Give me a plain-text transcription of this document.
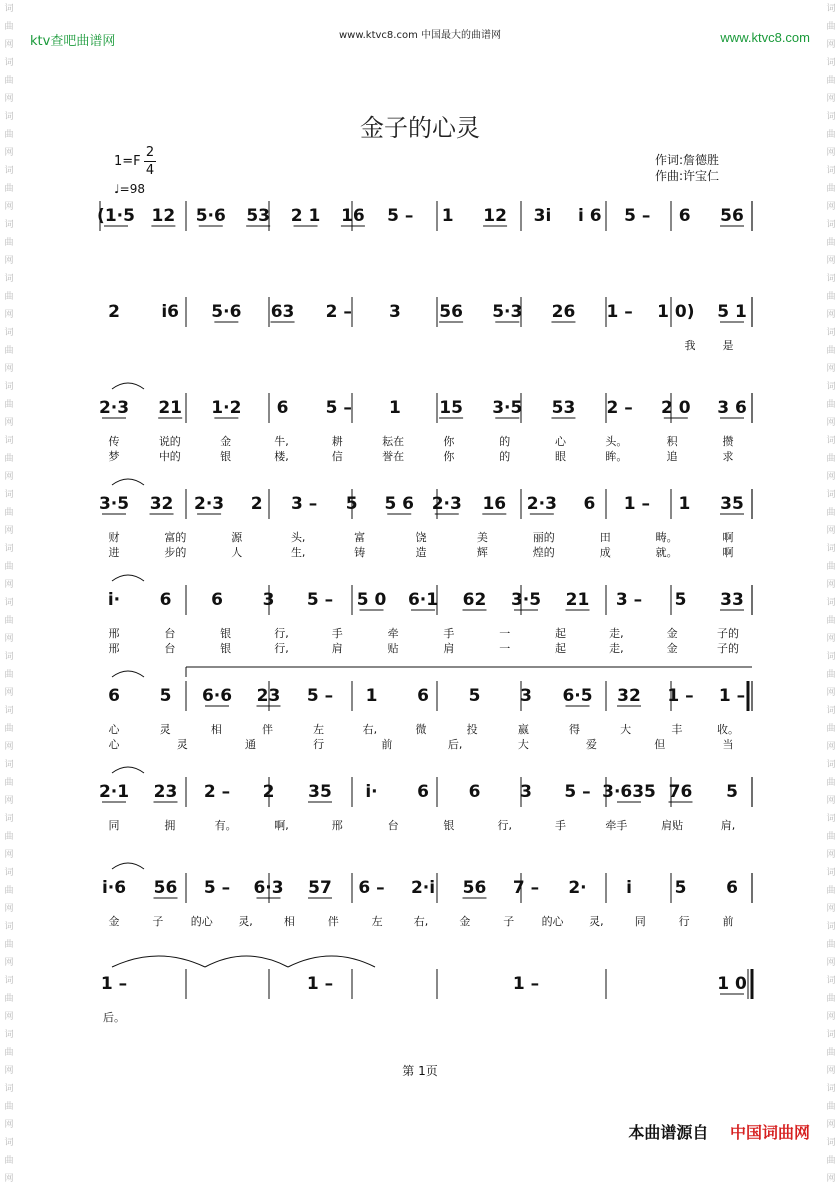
词
曲
网
词
曲
网
词
曲
网
词
曲
网
词
曲
网
词
曲
网
词
曲
网
词
曲
网
词
曲
网
词
曲
网
词
曲
网
词
曲
网
词
曲
网
词
曲
网
词
曲
网
词
曲
网
词
曲
网
词
曲
网
词
曲
网
词
曲
网
词
曲
网
词
曲
网
词
曲
网
词
曲
网
词
曲
网
词
曲
网
词
曲
网
词
曲
网
词
曲
网
词
曲
网
词
曲
网
词
曲
网
词
曲
网
词
曲
网
词
曲
网
词
曲
网
词
曲
网
词
曲
网
词
曲
网
词
曲
网
词
曲
网
词
曲
网
词
曲
网
词
曲
网
ktv查吧曲谱网	www.ktvc8.com 中国最大的曲谱网	www.ktvc8.com
金子的心灵
1=F
2
4
♩=98
作词:詹德胜
作曲:许宝仁
(1·5 12 5·6 53 2 1 16 5 – 1 12 3i i 6 5 – 6 56
2 i6 5·6 63 2 – 3 56 5·3 26 1 – 1 0) 5 1
我 是
2·3 21 1·2 6 5 – 1 15 3·5 53 2 – 2 0 3 6
传	说的	金	牛,	耕	耘在	你	的	心	头。	积	攒
梦	中的	银	楼,	信	誉在	你	的	眼	眸。	追	求
3·5 32 2·3 2 3 – 5 5 6 2·3 16 2·3 6 1 – 1 35
财	富的	源	头,	富	饶	美	丽的	田	畴。	啊
进	步的	人	生,	铸	造	辉	煌的	成	就。	啊
i· 6 6 3 5 – 5 0 6·1 62 3·5 21 3 – 5 33
邢	台	银	行,	手	牵	手	一	起	走,	金	子的
邢	台	银	行,	肩	贴	肩	一	起	走,	金	子的
6 5 6·6 23 5 – 1 6 5 3 6·5 32 1 – 1 –
心	灵	相	伴	左	右,	微	投	嬴	得	大	丰	收。
心	灵	通	行	前	后,	大	爱	但	当
2·1 23 2 – 2 35 i· 6 6 3 5 – 3·635 76 5
同	拥	有。	啊,	邢	台	银	行,	手	牵手	肩贴	肩,
i·6 56 5 – 6·3 57 6 – 2·i 56 7 – 2· i	5 6
金	子 的心 灵,	相	伴	左	右,	金	子 的心 灵,	同	行	前
1 –	1 –	1 –	1 0
后。
第 1页
本曲谱源自 中国词曲网
